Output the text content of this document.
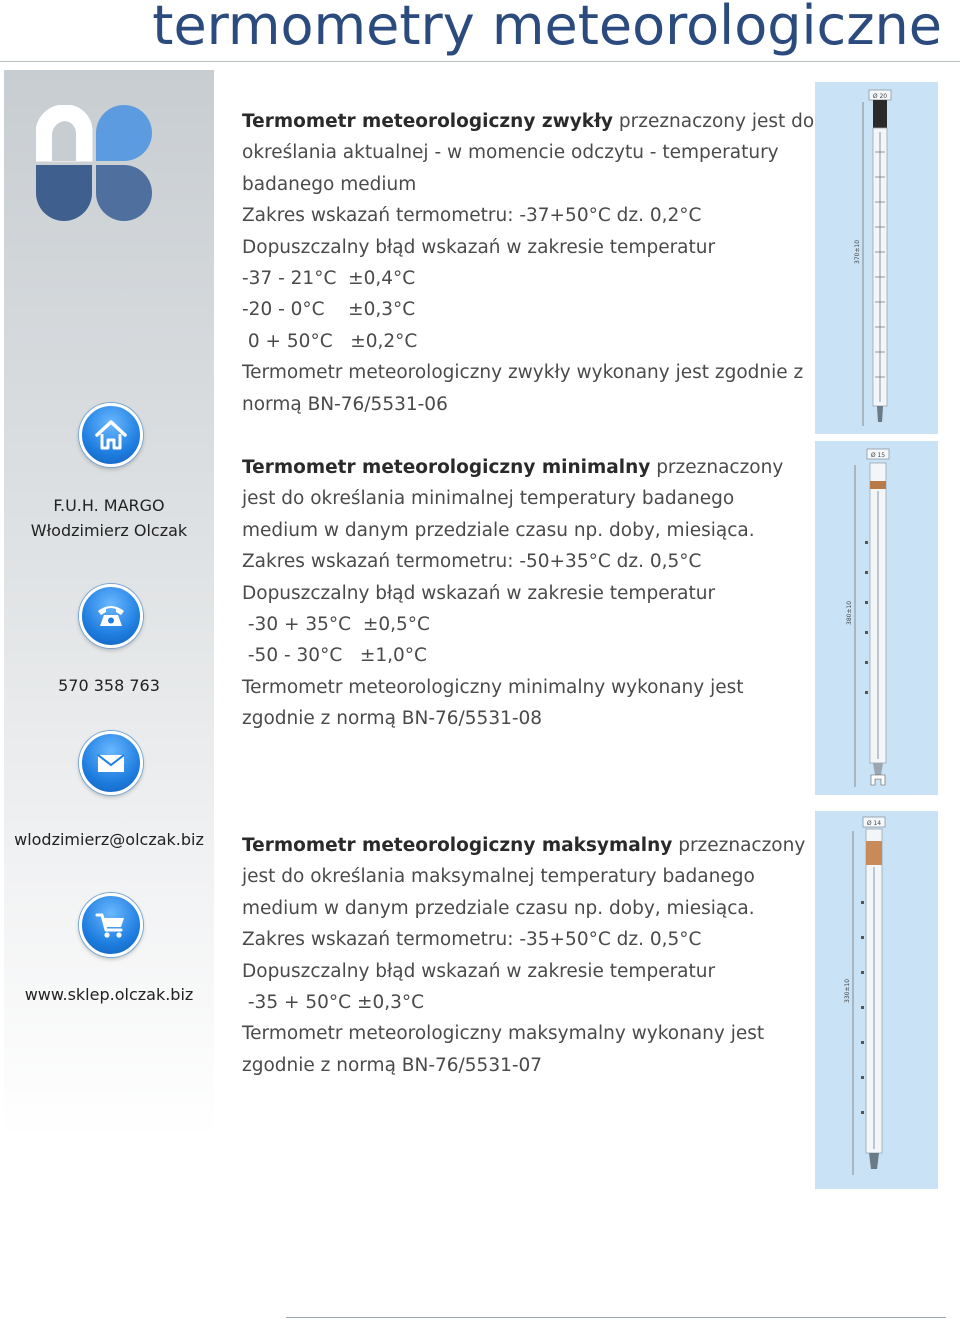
termometry meteorologiczne
F.U.H. MARGO
Włodzimierz Olczak
570 358 763
wlodzimierz@olczak.biz
www.sklep.olczak.biz

Termometr meteorologiczny zwykły przeznaczony jest do

określania aktualnej - w momencie odczytu - temperatury

badanego medium

Zakres wskazań termometru: -37+50°C dz. 0,2°C

Dopuszczalny błąd wskazań w zakresie temperatur

-37 - 21°C  ±0,4°C

-20 - 0°C    ±0,3°C

0 + 50°C   ±0,2°C

Termometr meteorologiczny zwykły wykonany jest zgodnie z

normą BN-76/5531-06

Termometr meteorologiczny minimalny przeznaczony

jest do określania minimalnej temperatury badanego

medium w danym przedziale czasu np. doby, miesiąca.

Zakres wskazań termometru: -50+35°C dz. 0,5°C

Dopuszczalny błąd wskazań w zakresie temperatur

-30 + 35°C  ±0,5°C

-50 - 30°C   ±1,0°C

Termometr meteorologiczny minimalny wykonany jest

zgodnie z normą BN-76/5531-08

Termometr meteorologiczny maksymalny przeznaczony

jest do określania maksymalnej temperatury badanego

medium w danym przedziale czasu np. doby, miesiąca.

Zakres wskazań termometru: -35+50°C dz. 0,5°C

Dopuszczalny błąd wskazań w zakresie temperatur

-35 + 50°C ±0,3°C

Termometr meteorologiczny maksymalny wykonany jest

zgodnie z normą BN-76/5531-07

Ø 20
370±10
Ø 15
380±10
Ø 14
330±10
